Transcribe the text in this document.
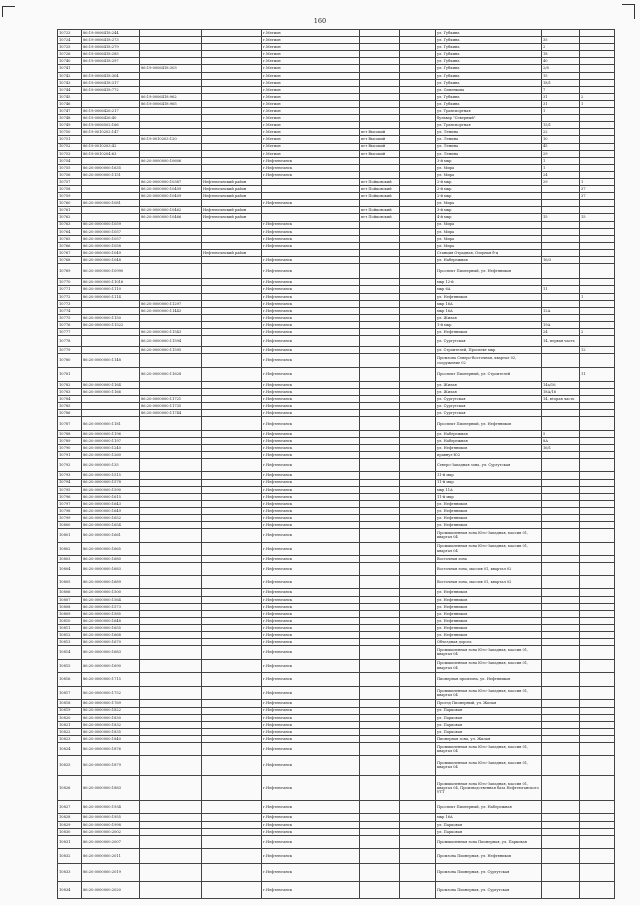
160
10723	86:19:0006418:244			г.Мегион			ул. Губкина		
10724	86:19:0006418:273			г.Мегион			ул. Губкина	35	
10725	86:19:0006418:279			г.Мегион			ул. Губкина	2	
10726	86:19:0006418:285			г.Мегион			ул. Губкина	18	
10740	86:19:0006418:297			г.Мегион			ул. Губкина	40	
10741		86:19:0006418:303		г.Мегион			ул. Губкина	2/8	
10742	86:19:0006418:304			г.Мегион			ул. Губкина	15	
10743	86:19:0006418:317			г.Мегион			ул. Губкина	18/1	
10744	86:19:0006418:772			г.Мегион			ул. Сипенкова	7	
10745		86:19:0006418:962		г.Мегион			ул. Губкина	31	2
10746		86:19:0006418:965		г.Мегион			ул. Губкина	31	1
10747	86:19:0006426:217			г.Мегион			ул. Транспортная	1	
10748	86:19:0006426:40			г.Мегион			бульвар "Северный"		
10749	86:19:0006502:166			г.Мегион			ул. Транспортная	15/1	
10750	86:19:0010202:147			г.Мегион	пгт Высокий		ул. Ленина	22	
10751		86:19:0010203:120		г.Мегион	пгт Высокий		ул. Ленина	10	
10752	86:19:0010203:42			г.Мегион	пгт Высокий		ул. Ленина	45	
10753	86:19:0010204:63			г.Мегион	пгт Высокий		ул. Ленина	29	
10754		86:20:0000000:10606		г.Нефтеюганск			3-й мкр	1	
10755	86:20:0000000:1635			г.Нефтеюганск			ул. Мира	1	
10756	86:20:0000000:1151			г.Нефтеюганск			ул. Мира	24	
10757		86:20:0000000:10387	Нефтеюганский район		пгт Пойковский		2-й мкр	29	1
10758		86:20:0000000:10409	Нефтеюганский район		пгт Пойковский		2-й мкр		37
10759		86:20:0000000:10409	Нефтеюганский район		пгт Пойковский		2-й мкр		37
10760	86:20:0000000:1081			г.Нефтеюганск			ул. Мира		
10761		86:20:0000000:10462	Нефтеюганский район		пгт Пойковский		3-й мкр		
10762		86:20:0000000:10466	Нефтеюганский район		пгт Пойковский		4-й мкр	15	15
10763	86:20:0000000:1059			г.Нефтеюганск			ул. Мира		
10764	86:20:0000000:1057			г.Нефтеюганск			ул. Мира		
10765	86:20:0000000:1057			г.Нефтеюганск			ул. Мира		
10766	86:20:0000000:1058			г.Нефтеюганск			ул. Мира		
10767	86:20:0000000:1049		Нефтеюганский район				Станция Отрадная, Озерная б-ц		
10768	86:20:0000000:1048			г.Нефтеюганск			ул. Набережная	16/3	
10769	86:20:0000000:10990			г.Нефтеюганск			Проспект Пионерный, ул. Нефтяников		
10770	86:20:0000000:11016			г.Нефтеюганск			мкр 12-й		
10771	86:20:0000000:1110			г.Нефтеюганск			мкр 6А	11	
10772	86:20:0000000:1114			г.Нефтеюганск			ул. Нефтяников		1
10773		86:20:0000000:11297		г.Нефтеюганск			мкр 16А		
10774		86:20:0000000:11443		г.Нефтеюганск			мкр 16А	12А	
10775	86:20:0000000:1150			г.Нефтеюганск			ул. Жилая		
10776	86:20:0000000:11522			г.Нефтеюганск			1-й мкр	19А	
10777		86:20:0000000:11543		г.Нефтеюганск			ул. Нефтяников	24	2
10778		86:20:0000000:11594		г.Нефтеюганск			ул. Сургутская	14, первая часть	
10779		86:20:0000000:11595		г.Нефтеюганск			ул. Строителей, Проспект мкр		12
10780	86:20:0000000:1148			г.Нефтеюганск			Промзона Северо-Восточная, квартал 02, сооружение 02		
10781		86:20:0000000:11628		г.Нефтеюганск			Проспект Пионерный, ул. Строителей		11
10782	86:20:0000000:1164			г.Нефтеюганск			ул. Жилая	14а/16	
10783	86:20:0000000:1166			г.Нефтеюганск			ул. Жилая	18А/16	
10784		86:20:0000000:11721		г.Нефтеюганск			ул. Сургутская	14, вторая часть	
10785		86:20:0000000:11735		г.Нефтеюганск			ул. Сургутская		
10786		86:20:0000000:11744		г.Нефтеюганск			ул. Сургутская		
10787	86:20:0000000:1181			г.Нефтеюганск			Проспект Пионерный, ул. Нефтяников		
10788	86:20:0000000:1196			г.Нефтеюганск			ул. Набережная	5	
10789	86:20:0000000:1197			г.Нефтеюганск			ул. Набережная	8А	
10790	86:20:0000000:1240			г.Нефтеюганск			ул. Нефтяников	16/1	
10791	86:20:0000000:1260			г.Нефтеюганск			правнуз-Ю2		
10792	86:20:0000000:135			г.Нефтеюганск			Северо-Западная зона, ул. Сургутская		
10793	86:20:0000000:1515			г.Нефтеюганск			11-й мкр		
10794	86:20:0000000:1578			г.Нефтеюганск			11-й мкр		
10795	86:20:0000000:1590			г.Нефтеюганск			мкр 11А		
10796	86:20:0000000:1615			г.Нефтеюганск			11-й мкр		
10797	86:20:0000000:1643			г.Нефтеюганск			ул. Нефтяников		
10798	86:20:0000000:1649			г.Нефтеюганск			ул. Нефтяников		
10799	86:20:0000000:1652			г.Нефтеюганск			ул. Нефтяников		
10800	86:20:0000000:1654			г.Нефтеюганск			ул. Нефтяников		
10801	86:20:0000000:1661			г.Нефтеюганск			Промышленная зона Юго-Западная, массив 01, квартал 04		
10802	86:20:0000000:1665			г.Нефтеюганск			Промышленная зона Юго-Западная, массив 01, квартал 04		
10803	86:20:0000000:1680			г.Нефтеюганск			Восточная зона		
10804	86:20:0000000:1683			г.Нефтеюганск			Восточная зона, массив 01, квартал 02		
10805	86:20:0000000:1689			г.Нефтеюганск			Восточная зона, массив 01, квартал 02		
10806	86:20:0000000:1500			г.Нефтеюганск			ул. Нефтяников		
10807	86:20:0000000:1564			г.Нефтеюганск			ул. Нефтяников		
10808	86:20:0000000:1573			г.Нефтеюганск			ул. Нефтяников		
10809	86:20:0000000:1585			г.Нефтеюганск			ул. Нефтяников		
10810	86:20:0000000:1648			г.Нефтеюганск			ул. Нефтяников		
10811	86:20:0000000:1655			г.Нефтеюганск			ул. Нефтяников		
10812	86:20:0000000:1668			г.Нефтеюганск			ул. Нефтяников		
10813	86:20:0000000:1670			г.Нефтеюганск			Объездная дорога		
10814	86:20:0000000:1683			г.Нефтеюганск			Промышленная зона Юго-Западная, массив 01, квартал 04		
10815	86:20:0000000:1690			г.Нефтеюганск			Промышленная зона Юго-Западная, массив 01, квартал 04		
10816	86:20:0000000:1715			г.Нефтеюганск			Пионерная промзона, ул. Нефтяников		
10817	86:20:0000000:1752			г.Нефтеюганск			Промышленная зона Юго-Западная, массив 01, квартал 04		
10818	86:20:0000000:1769			г.Нефтеюганск			Проезд Пионерный, ул. Жилая		
10819	86:20:0000000:1822			г.Нефтеюганск			ул. Парковая		
10820	86:20:0000000:1830			г.Нефтеюганск			ул. Парковая		
10821	86:20:0000000:1832			г.Нефтеюганск			ул. Парковая		
10822	86:20:0000000:1835			г.Нефтеюганск			ул. Парковая		
10823	86:20:0000000:1840			г.Нефтеюганск			Пионерная зона, ул. Жилая		
10824	86:20:0000000:1876			г.Нефтеюганск			Промышленная зона Юго-Западная, массив 01, квартал 04		
10825	86:20:0000000:1879			г.Нефтеюганск			Промышленная зона Юго-Западная, массив 01, квартал 04		
10826	86:20:0000000:1883			г.Нефтеюганск			Промышленная зона Юго-Западная, массив 01, квартал 04, Производственная база Нефтеюганского УТТ		
10827	86:20:0000000:1934			г.Нефтеюганск			Проспект Пионерный, ул. Набережная		
10828	86:20:0000000:1955			г.Нефтеюганск			мкр 16А		
10829	86:20:0000000:1998			г.Нефтеюганск			ул. Парковая		
10830	86:20:0000000:2002			г.Нефтеюганск			ул. Парковая		
10831	86:20:0000000:2007			г.Нефтеюганск			Промышленная зона Пионерная, ул. Парковая		
10832	86:20:0000000:2011			г.Нефтеюганск			Промзона Пионерная, ул. Нефтяников		
10833	86:20:0000000:2019			г.Нефтеюганск			Промзона Пионерная, ул. Сургутская		
10834	86:20:0000000:2020			г.Нефтеюганск			Промзона Пионерная, ул. Сургутская		
